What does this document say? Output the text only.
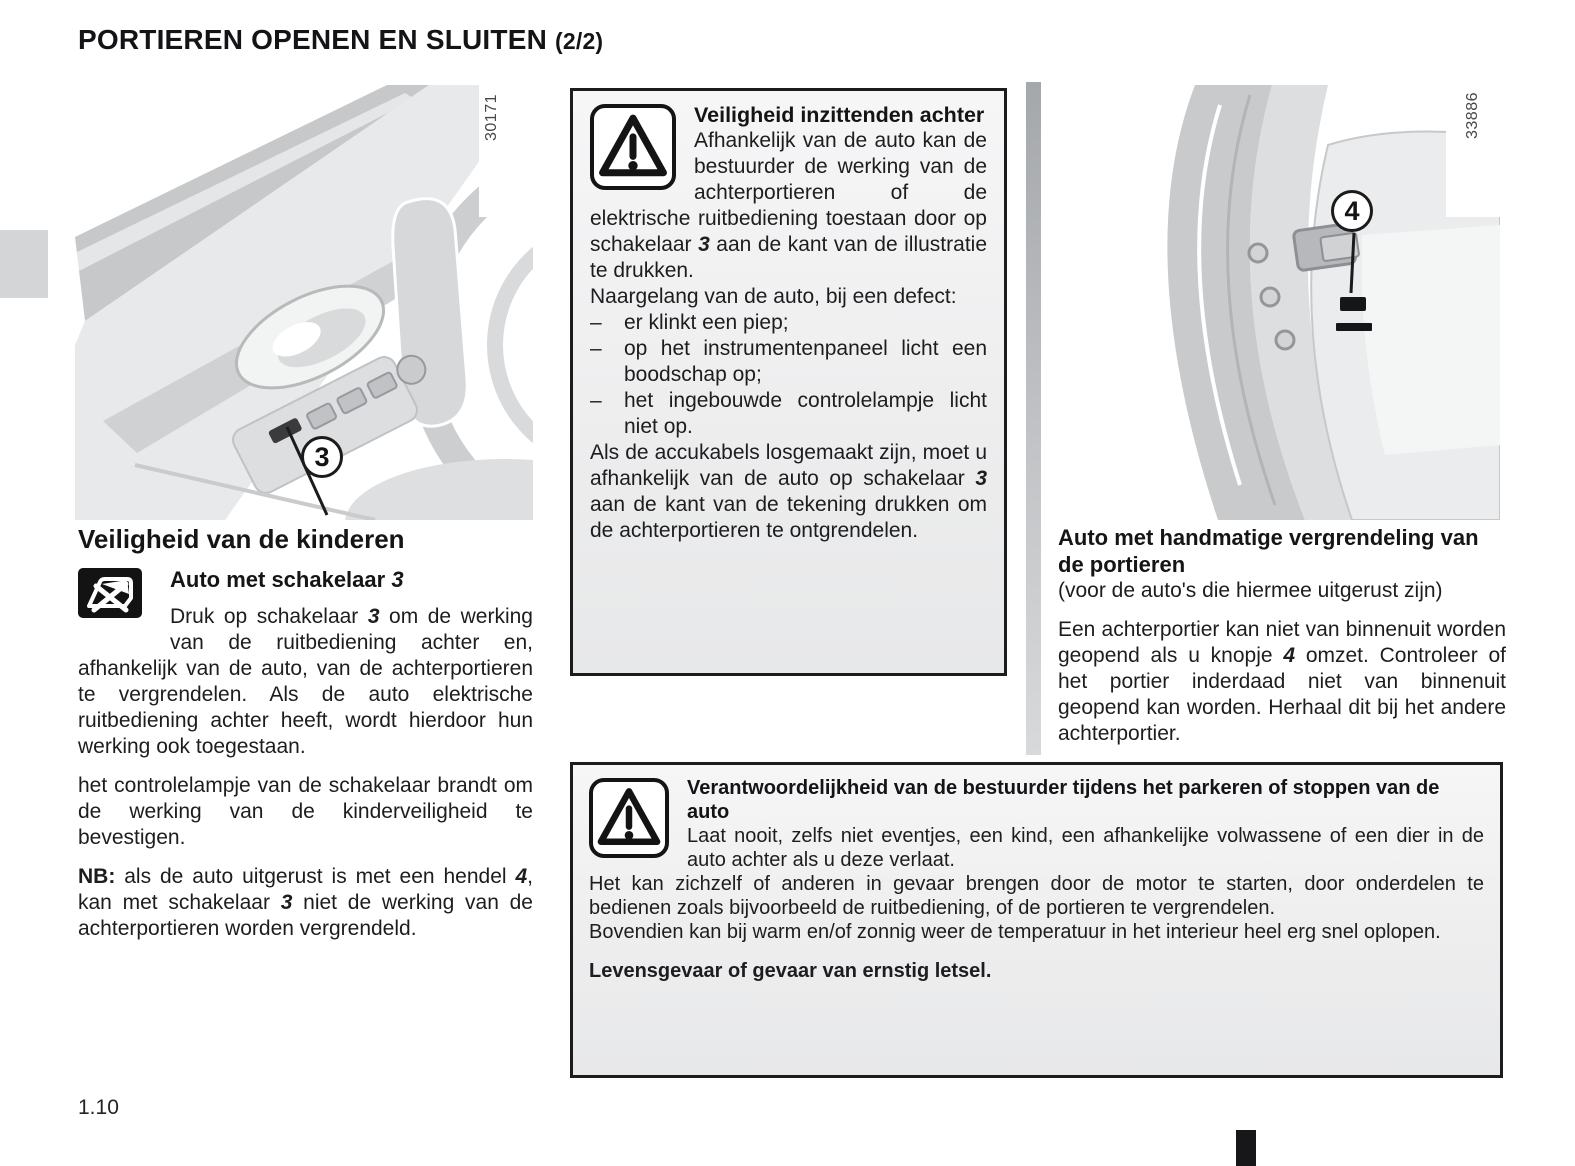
PORTIEREN OPENEN EN SLUITEN (2/2)
30171
3
Veiligheid inzittenden achter
Afhankelijk van de auto kan de bestuurder de werking van de achterportieren of de elektrische ruitbediening toestaan door op schakelaar 3 aan de kant van de illustratie te drukken.
Naargelang van de auto, bij een defect:
–	er klinkt een piep;
–	op het instrumentenpaneel licht een boodschap op;
–	het ingebouwde controlelampje licht niet op.
Als de accukabels losgemaakt zijn, moet u afhankelijk van de auto op schakelaar 3 aan de kant van de tekening drukken om de achterportieren te ontgrendelen.
33886
4
Veiligheid van de kinderen
Auto met schakelaar 3

Druk op schakelaar 3 om de werking van de ruitbediening achter en, afhankelijk van de auto, van de achterportieren te vergrendelen. Als de auto elektrische ruitbediening achter heeft, wordt hierdoor hun werking ook toegestaan.

het controlelampje van de schakelaar brandt om de werking van de kinderveiligheid te bevestigen.

NB: als de auto uitgerust is met een hendel 4, kan met schakelaar 3 niet de werking van de achterportieren worden vergrendeld.

Auto met handmatige vergrendeling van de portieren

(voor de auto's die hiermee uitgerust zijn)

Een achterportier kan niet van binnenuit worden geopend als u knopje 4 omzet. Controleer of het portier inderdaad niet van binnenuit geopend kan worden. Herhaal dit bij het andere achterportier.

Verantwoordelijkheid van de bestuurder tijdens het parkeren of stoppen van de auto
Laat nooit, zelfs niet eventjes, een kind, een afhankelijke volwassene of een dier in de auto achter als u deze verlaat.
Het kan zichzelf of anderen in gevaar brengen door de motor te starten, door onderdelen te bedienen zoals bijvoorbeeld de ruitbediening, of de portieren te vergrendelen.
Bovendien kan bij warm en/of zonnig weer de temperatuur in het interieur heel erg snel oplopen.
Levensgevaar of gevaar van ernstig letsel.
1.10
